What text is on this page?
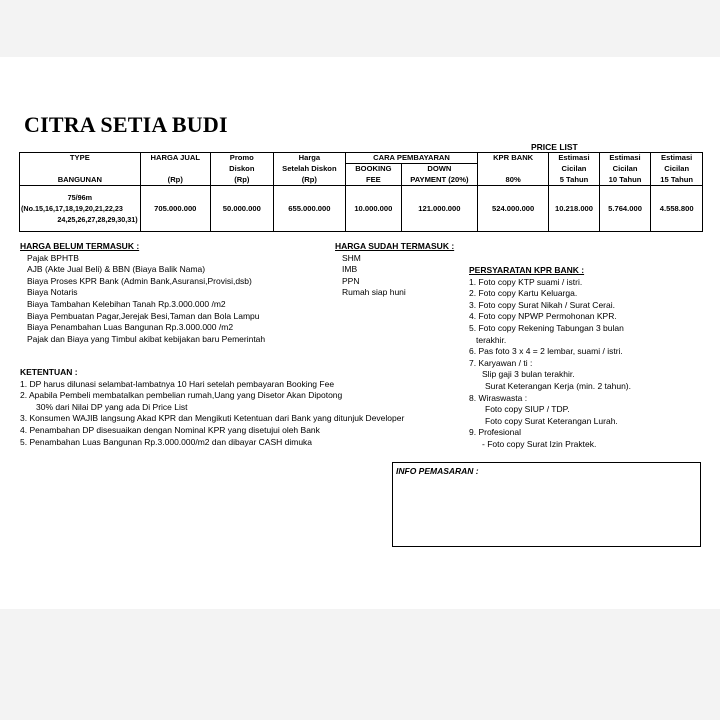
CITRA SETIA BUDI
PRICE LIST
TYPE	HARGA JUAL	Promo	Harga	CARA PEMBAYARAN		KPR BANK	Estimasi	Estimasi	Estimasi
		Diskon	Setelah Diskon	BOOKING	DOWN		Cicilan	Cicilan	Cicilan
BANGUNAN	(Rp)	(Rp)	(Rp)	FEE	PAYMENT (20%)	80%	5 Tahun	10 Tahun	15 Tahun

75/96m
(No.15,16,17,18,19,20,21,22,23
24,25,26,27,28,29,30,31)	705.000.000	50.000.000	655.000.000	10.000.000	121.000.000	524.000.000	10.218.000	5.764.000	4.558.800
HARGA BELUM TERMASUK :
Pajak BPHTB
AJB (Akte Jual Beli) & BBN (Biaya Balik Nama)
Biaya Proses KPR Bank (Admin Bank,Asuransi,Provisi,dsb)
Biaya Notaris
Biaya Tambahan Kelebihan Tanah Rp.3.000.000 /m2
Biaya Pembuatan Pagar,Jerejak Besi,Taman dan Bola Lampu
Biaya Penambahan Luas Bangunan Rp.3.000.000 /m2
Pajak dan Biaya yang Timbul akibat kebijakan baru Pemerintah
HARGA SUDAH TERMASUK :
SHM
IMB
PPN
Rumah siap huni
PERSYARATAN KPR BANK :
1. Foto copy KTP suami / istri.
2. Foto copy Kartu Keluarga.
3. Foto copy Surat Nikah / Surat Cerai.
4. Foto copy NPWP Permohonan KPR.
5. Foto copy Rekening Tabungan 3 bulan
terakhir.
6. Pas foto 3 x 4 = 2 lembar, suami / istri.
7. Karyawan / ti :
Slip gaji 3 bulan terakhir.
Surat Keterangan Kerja (min. 2 tahun).
8. Wiraswasta :
Foto copy SIUP / TDP.
Foto copy Surat Keterangan Lurah.
9. Profesional
- Foto copy Surat Izin Praktek.
KETENTUAN :
1. DP harus dilunasi selambat-lambatnya 10 Hari setelah pembayaran Booking Fee
2. Apabila Pembeli membatalkan pembelian rumah,Uang yang Disetor Akan Dipotong
30% dari Nilai DP yang ada Di Price List
3. Konsumen WAJIB langsung Akad KPR dan Mengikuti Ketentuan dari Bank yang ditunjuk Developer
4. Penambahan DP disesuaikan dengan Nominal KPR yang disetujui oleh Bank
5. Penambahan Luas Bangunan Rp.3.000.000/m2 dan dibayar CASH dimuka
INFO PEMASARAN :
